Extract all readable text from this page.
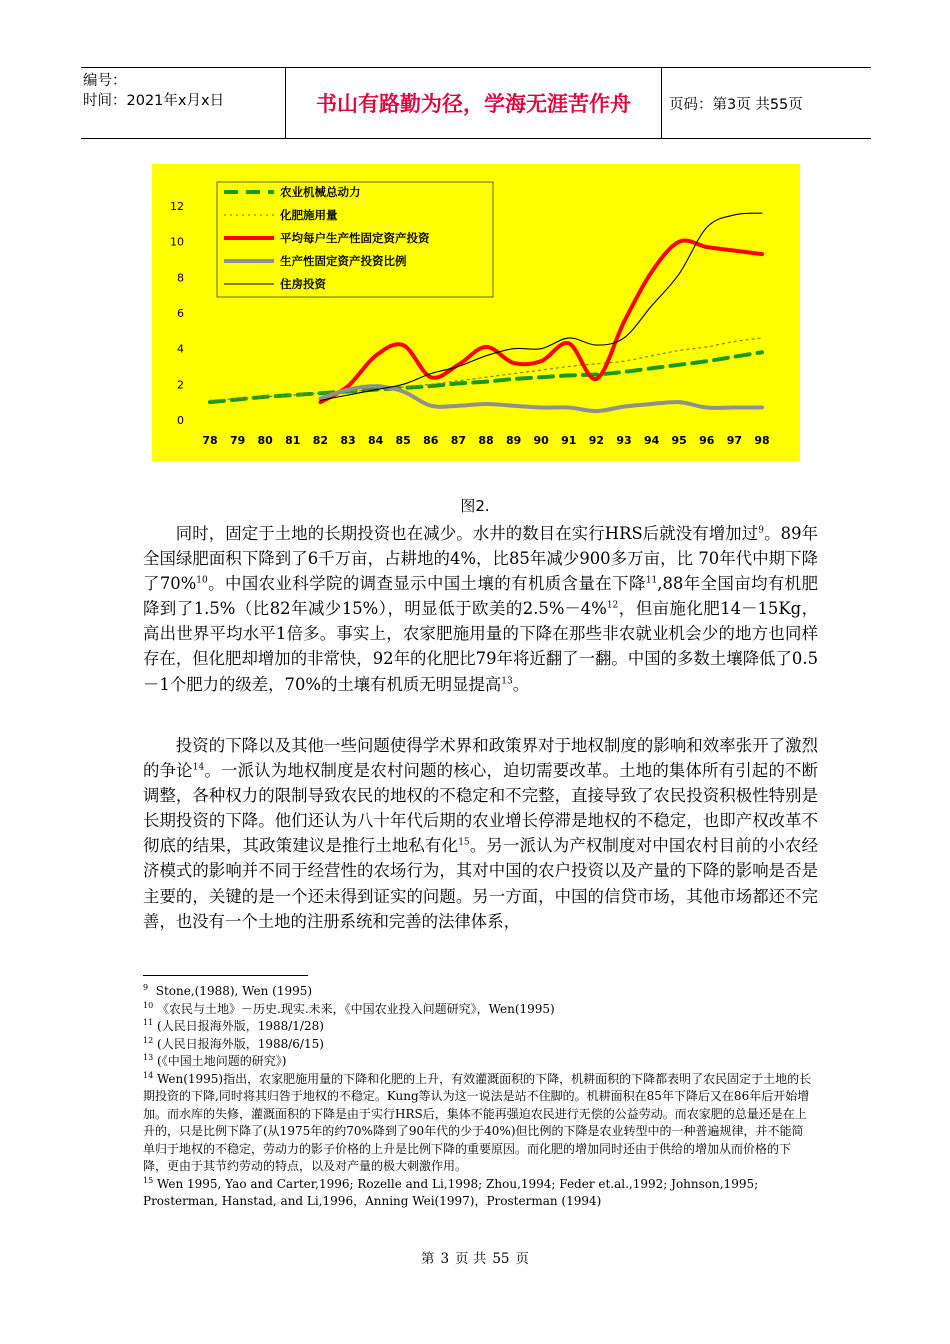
编号：
时间：2021年x月x日	书山有路勤为径，学海无涯苦作舟	页码：第3页 共55页
0
2
4
6
8
10
12
78 79 80 81 82 83 84 85 86 87 88 89 90 91 92 93 94 95 96 97 98
农业机械总动力
化肥施用量
平均每户生产性固定资产投资
生产性固定资产投资比例
住房投资
图2.

同时，固定于土地的长期投资也在减少。水井的数目在实行HRS后就没有增加过$^9$。89年全国绿肥面积下降到了6千万亩，占耕地的4%，比85年减少900多万亩，比 70年代中期下降了70%$^{10}$。中国农业科学院的调查显示中国土壤的有机质含量在下降$^{11}$,88年全国亩均有机肥降到了1.5%（比82年减少15%），明显低于欧美的2.5%－4%$^{12}$，但亩施化肥14－15Kg，高出世界平均水平1倍多。事实上，农家肥施用量的下降在那些非农就业机会少的地方也同样存在，但化肥却增加的非常快，92年的化肥比79年将近翻了一翻。中国的多数土壤降低了0.5－1个肥力的级差，70%的土壤有机质无明显提高$^{13}$。

投资的下降以及其他一些问题使得学术界和政策界对于地权制度的影响和效率张开了激烈的争论$^{14}$。一派认为地权制度是农村问题的核心，迫切需要改革。土地的集体所有引起的不断调整，各种权力的限制导致农民的地权的不稳定和不完整，直接导致了农民投资积极性特别是长期投资的下降。他们还认为八十年代后期的农业增长停滞是地权的不稳定，也即产权改革不彻底的结果，其政策建议是推行土地私有化$^{15}$。另一派认为产权制度对中国农村目前的小农经济模式的影响并不同于经营性的农场行为，其对中国的农户投资以及产量的下降的影响是否是主要的，关键的是一个还未得到证实的问题。另一方面，中国的信贷市场，其他市场都还不完善，也没有一个土地的注册系统和完善的法律体系，

$^9$ Stone,(1988), Wen (1995)

$^{10}$ 《农民与土地》－历史.现实.未来，《中国农业投入问题研究》，Wen(1995)

$^{11}$ (人民日报海外版，1988/1/28)

$^{12}$ (人民日报海外版，1988/6/15)

$^{13}$ (《中国土地问题的研究》)

$^{14}$ Wen(1995)指出，农家肥施用量的下降和化肥的上升，有效灌溉面积的下降，机耕面积的下降都表明了农民固定于土地的长期投资的下降,同时将其归咎于地权的不稳定。Kung等认为这一说法是站不住脚的。机耕面积在85年下降后又在86年后开始增加。而水库的失修，灌溉面积的下降是由于实行HRS后，集体不能再强迫农民进行无偿的公益劳动。而农家肥的总量还是在上升的，只是比例下降了(从1975年的约70%降到了90年代的少于40%)但比例的下降是农业转型中的一种普遍规律，并不能简单归于地权的不稳定，劳动力的影子价格的上升是比例下降的重要原因。而化肥的增加同时还由于供给的增加从而价格的下降，更由于其节约劳动的特点，以及对产量的极大刺激作用。

$^{15}$ Wen 1995, Yao and Carter,1996; Rozelle and Li,1998; Zhou,1994; Feder et.al.,1992; Johnson,1995; Prosterman, Hanstad, and Li,1996，Anning Wei(1997)，Prosterman (1994)

第 3 页 共 55 页
